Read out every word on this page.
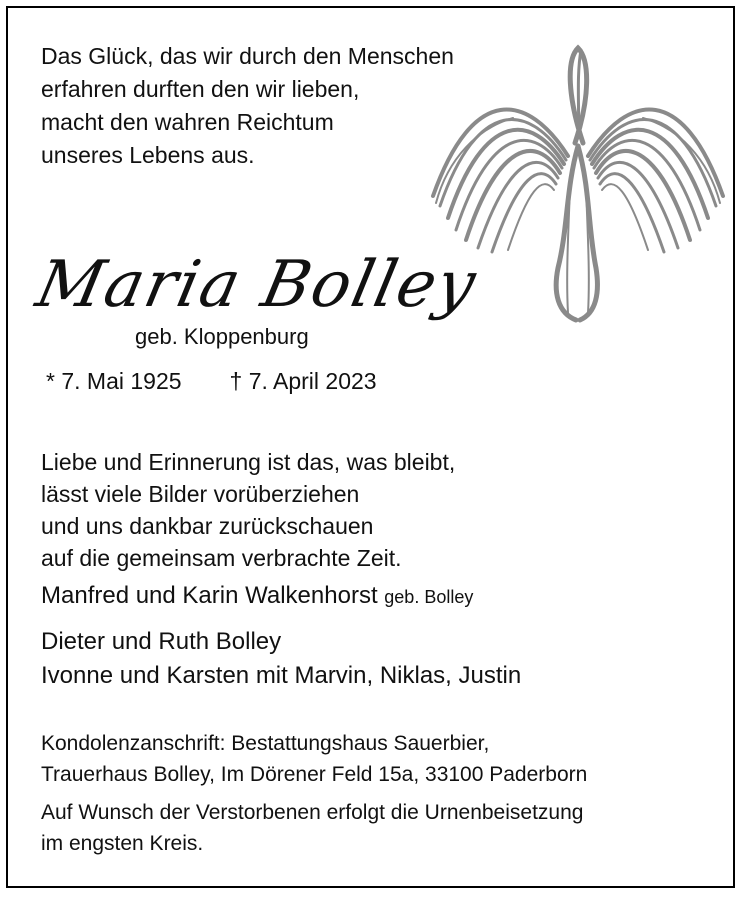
Das Glück, das wir durch den Menschen
erfahren durften den wir lieben,
macht den wahren Reichtum
unseres Lebens aus.
Maria Bolley
geb. Kloppenburg
* 7. Mai 1925 † 7. April 2023
Liebe und Erinnerung ist das, was bleibt,
lässt viele Bilder vorüberziehen
und uns dankbar zurückschauen
auf die gemeinsam verbrachte Zeit.
Manfred und Karin Walkenhorst geb. Bolley
Dieter und Ruth Bolley
Ivonne und Karsten mit Marvin, Niklas, Justin
Kondolenzanschrift: Bestattungshaus Sauerbier,
Trauerhaus Bolley, Im Dörener Feld 15a, 33100 Paderborn
Auf Wunsch der Verstorbenen erfolgt die Urnenbeisetzung
im engsten Kreis.
